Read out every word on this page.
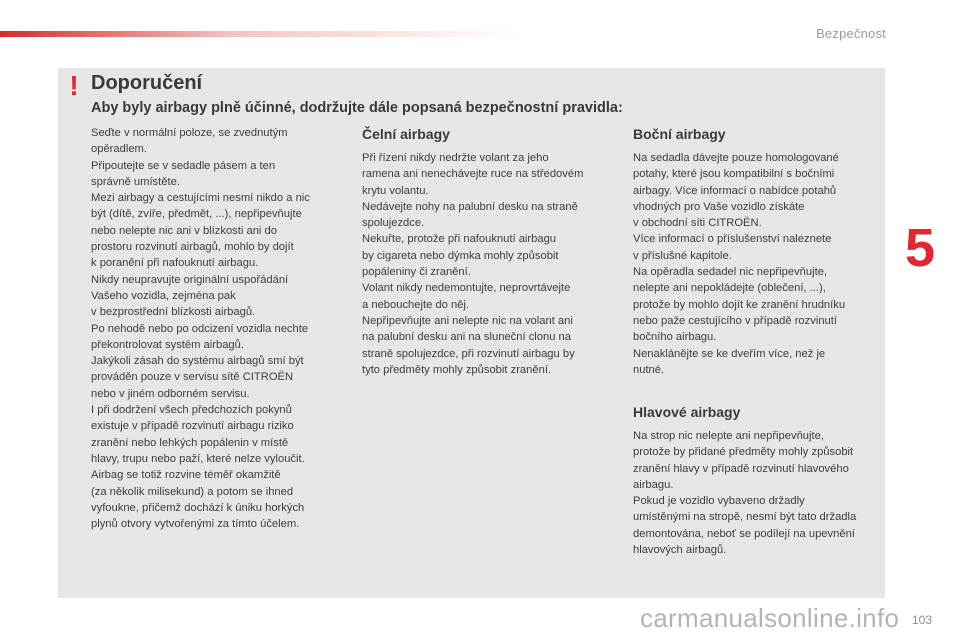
Bezpečnost
! Doporučení
Aby byly airbagy plně účinné, dodržujte dále popsaná bezpečnostní pravidla:

Seďte v normální poloze, se zvednutým

opěradlem.

Připoutejte se v sedadle pásem a ten

správně umístěte.

Mezi airbagy a cestujícími nesmí nikdo a nic

být (dítě, zvíře, předmět, ...), nepřipevňujte

nebo nelepte nic ani v blízkosti ani do

prostoru rozvinutí airbagů, mohlo by dojít

k poranění při nafouknutí airbagu.

Nikdy neupravujte originální uspořádání

Vašeho vozidla, zejména pak

v bezprostřední blízkosti airbagů.

Po nehodě nebo po odcizení vozidla nechte

překontrolovat systém airbagů.

Jakýkoli zásah do systému airbagů smí být

prováděn pouze v servisu sítě CITROËN

nebo v jiném odborném servisu.

I při dodržení všech předchozích pokynů

existuje v případě rozvinutí airbagu riziko

zranění nebo lehkých popálenin v místě

hlavy, trupu nebo paží, které nelze vyloučit.

Airbag se totiž rozvine téměř okamžitě

(za několik milisekund) a potom se ihned

vyfoukne, přičemž dochází k úniku horkých

plynů otvory vytvořenými za tímto účelem.

Čelní airbagy

Při řízení nikdy nedržte volant za jeho

ramena ani nenechávejte ruce na středovém

krytu volantu.

Nedávejte nohy na palubní desku na straně

spolujezdce.

Nekuřte, protože při nafouknutí airbagu

by cigareta nebo dýmka mohly způsobit

popáleniny či zranění.

Volant nikdy nedemontujte, neprovrtávejte

a nebouchejte do něj.

Nepřipevňujte ani nelepte nic na volant ani

na palubní desku ani na sluneční clonu na

straně spolujezdce, při rozvinutí airbagu by

tyto předměty mohly způsobit zranění.

Boční airbagy

Na sedadla dávejte pouze homologované

potahy, které jsou kompatibilní s bočními

airbagy. Více informací o nabídce potahů

vhodných pro Vaše vozidlo získáte

v obchodní síti CITROËN.

Více informací o příslušenství naleznete

v příslušné kapitole.

Na opěradla sedadel nic nepřipevňujte,

nelepte ani nepokládejte (oblečení, ...),

protože by mohlo dojít ke zranění hrudníku

nebo paže cestujícího v případě rozvinutí

bočního airbagu.

Nenaklánějte se ke dveřím více, než je

nutné.

Hlavové airbagy

Na strop nic nelepte ani nepřipevňujte,

protože by přidané předměty mohly způsobit

zranění hlavy v případě rozvinutí hlavového

airbagu.

Pokud je vozidlo vybaveno držadly

umístěnými na stropě, nesmí být tato držadla

demontována, neboť se podílejí na upevnění

hlavových airbagů.

5
103
carmanualsonline.info
